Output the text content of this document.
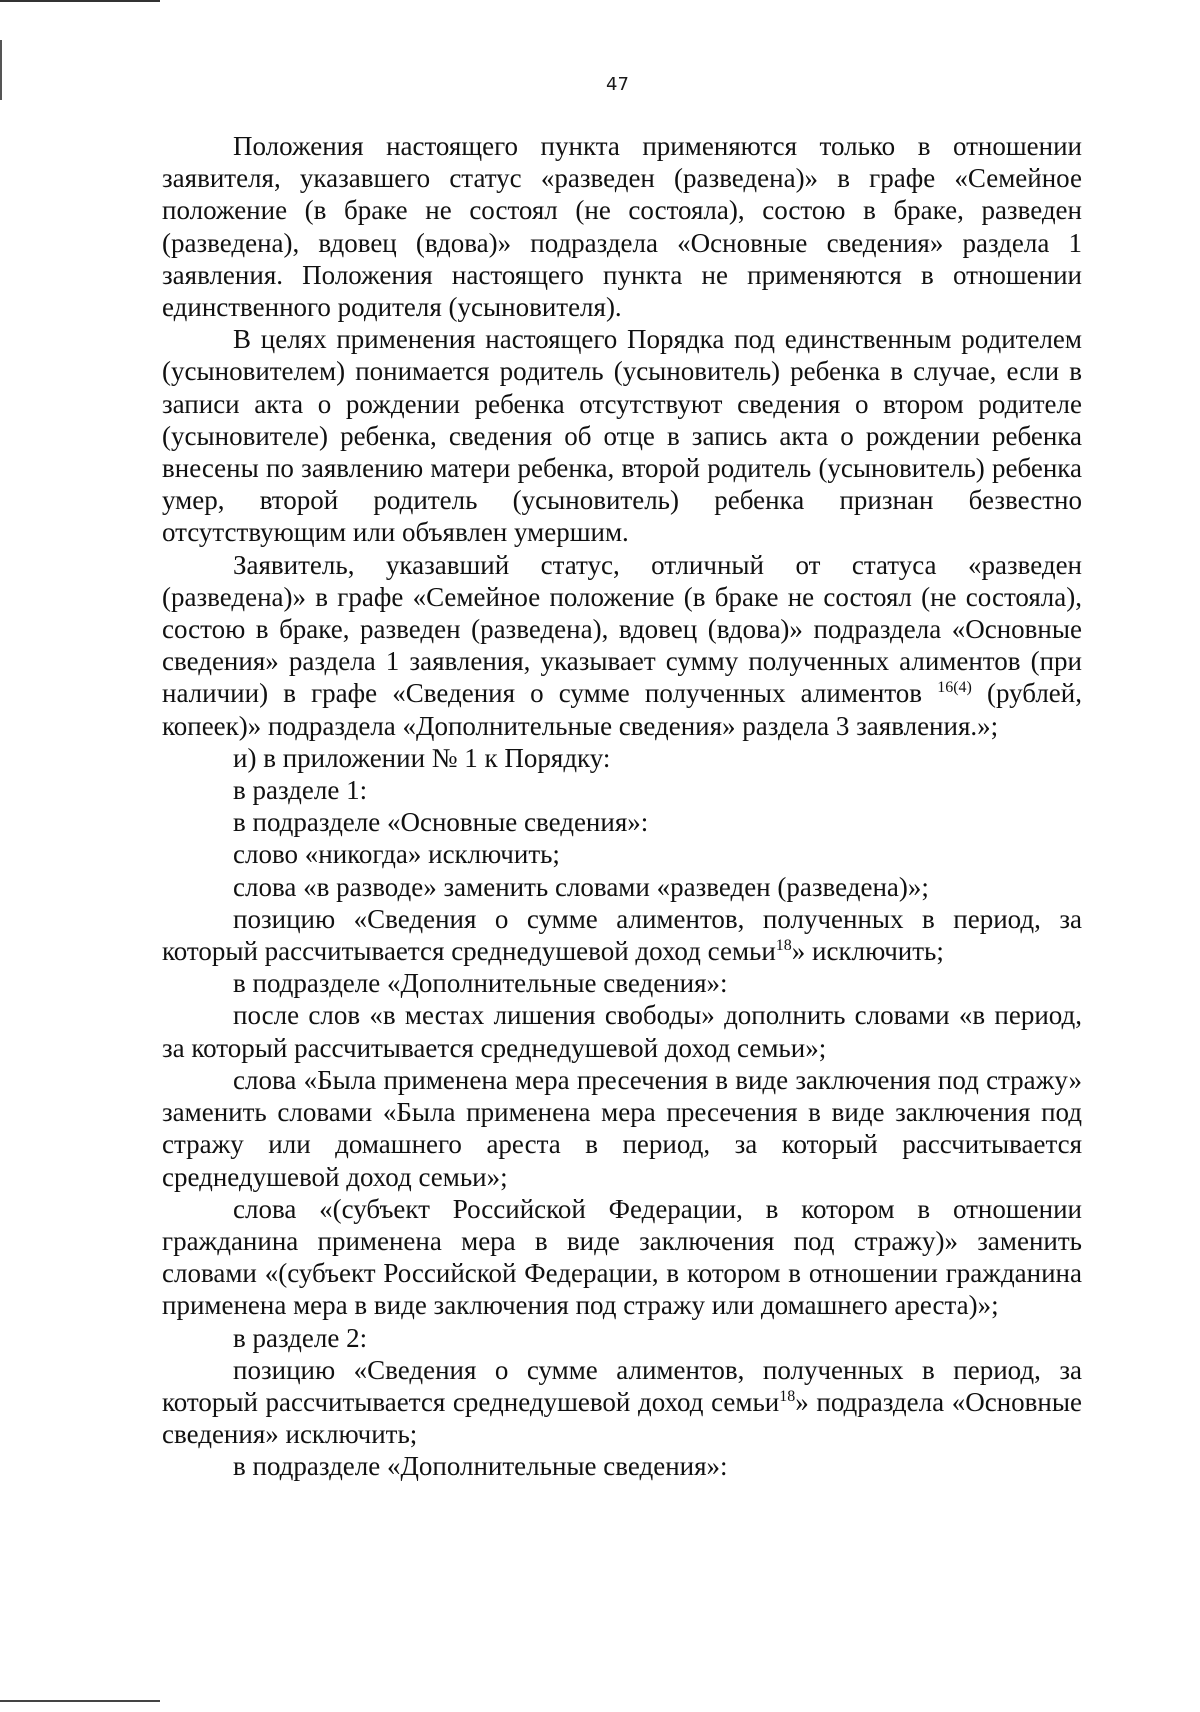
47

Положения настоящего пункта применяются только в отношении заявителя, указавшего статус «разведен (разведена)» в графе «Семейное положение (в браке не состоял (не состояла), состою в браке, разведен (разведена), вдовец (вдова)» подраздела «Основные сведения» раздела 1 заявления. Положения настоящего пункта не применяются в отношении единственного родителя (усыновителя).

В целях применения настоящего Порядка под единственным родителем (усыновителем) понимается родитель (усыновитель) ребенка в случае, если в записи акта о рождении ребенка отсутствуют сведения о втором родителе (усыновителе) ребенка, сведения об отце в запись акта о рождении ребенка внесены по заявлению матери ребенка, второй родитель (усыновитель) ребенка умер, второй родитель (усыновитель) ребенка признан безвестно отсутствующим или объявлен умершим.

Заявитель, указавший статус, отличный от статуса «разведен (разведена)» в графе «Семейное положение (в браке не состоял (не состояла), состою в браке, разведен (разведена), вдовец (вдова)» подраздела «Основные сведения» раздела 1 заявления, указывает сумму полученных алиментов (при наличии) в графе «Сведения о сумме полученных алиментов $^{16(4)}$ (рублей, копеек)» подраздела «Дополнительные сведения» раздела 3 заявления.»;

и) в приложении № 1 к Порядку:

в разделе 1:

в подразделе «Основные сведения»:

слово «никогда» исключить;

слова «в разводе» заменить словами «разведен (разведена)»;

позицию «Сведения о сумме алиментов, полученных в период, за который рассчитывается среднедушевой доход семьи$^{18}$» исключить;

в подразделе «Дополнительные сведения»:

после слов «в местах лишения свободы» дополнить словами «в период, за который рассчитывается среднедушевой доход семьи»;

слова «Была применена мера пресечения в виде заключения под стражу» заменить словами «Была применена мера пресечения в виде заключения под стражу или домашнего ареста в период, за который рассчитывается среднедушевой доход семьи»;

слова «(субъект Российской Федерации, в котором в отношении гражданина применена мера в виде заключения под стражу)» заменить словами «(субъект Российской Федерации, в котором в отношении гражданина применена мера в виде заключения под стражу или домашнего ареста)»;

в разделе 2:

позицию «Сведения о сумме алиментов, полученных в период, за который рассчитывается среднедушевой доход семьи$^{18}$» подраздела «Основные сведения» исключить;

в подразделе «Дополнительные сведения»:
